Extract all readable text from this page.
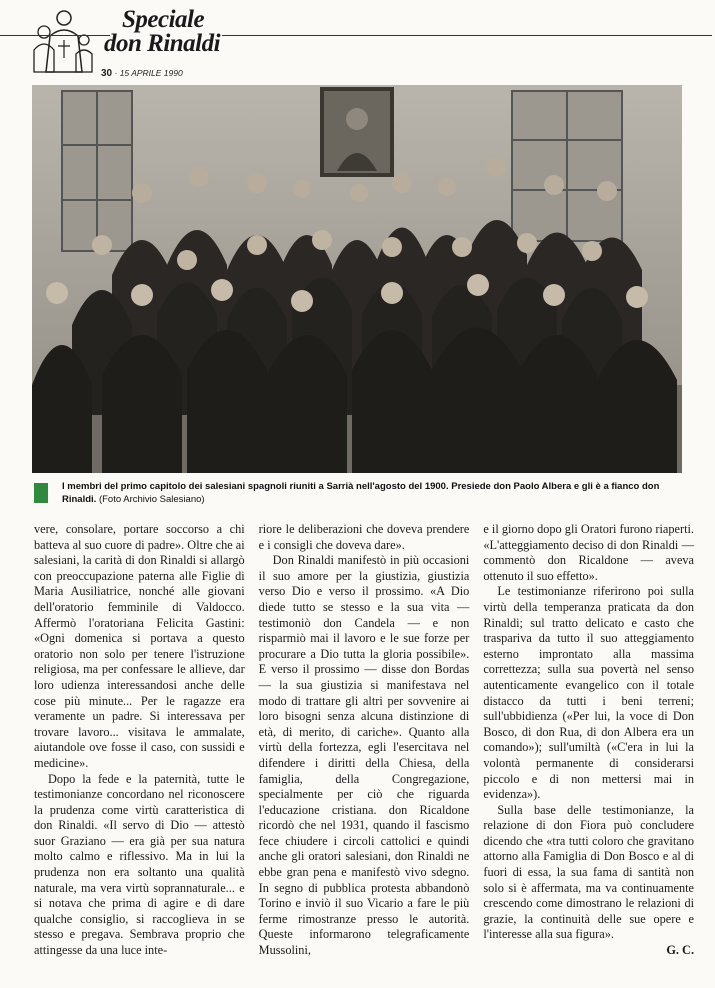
Speciale
don Rinaldi
30 · 15 APRILE 1990
I membri del primo capitolo dei salesiani spagnoli riuniti a Sarrià nell'agosto del 1900. Presiede don Paolo Albera e gli è a fianco don Rinaldi. (Foto Archivio Salesiano)

vere, consolare, portare soccorso a chi batteva al suo cuore di padre». Oltre che ai salesiani, la carità di don Rinaldi si allargò con preoccupazione paterna alle Figlie di Maria Ausiliatrice, nonché alle giovani dell'oratorio femminile di Valdocco. Affermò l'oratoriana Felicita Gastini: «Ogni domenica si portava a questo oratorio non solo per tenere l'istruzione religiosa, ma per confessare le allieve, dar loro udienza interessandosi anche delle cose più minute... Per le ragazze era veramente un padre. Si interessava per trovare lavoro... visitava le ammalate, aiutandole ove fosse il caso, con sussidi e medicine».

Dopo la fede e la paternità, tutte le testimonianze concordano nel riconoscere la prudenza come virtù caratteristica di don Rinaldi. «Il servo di Dio — attestò suor Graziano — era già per sua natura molto calmo e riflessivo. Ma in lui la prudenza non era soltanto una qualità naturale, ma vera virtù soprannaturale... e si notava che prima di agire e di dare qualche consiglio, si raccoglieva in se stesso e pregava. Sembrava proprio che attingesse da una luce inte-

riore le deliberazioni che doveva prendere e i consigli che doveva dare».

Don Rinaldi manifestò in più occasioni il suo amore per la giustizia, giustizia verso Dio e verso il prossimo. «A Dio diede tutto se stesso e la sua vita — testimoniò don Candela — e non risparmiò mai il lavoro e le sue forze per procurare a Dio tutta la gloria possibile». E verso il prossimo — disse don Bordas — la sua giustizia si manifestava nel modo di trattare gli altri per sovvenire ai loro bisogni senza alcuna distinzione di età, di merito, di cariche». Quanto alla virtù della fortezza, egli l'esercitava nel difendere i diritti della Chiesa, della famiglia, della Congregazione, specialmente per ciò che riguarda l'educazione cristiana. don Ricaldone ricordò che nel 1931, quando il fascismo fece chiudere i circoli cattolici e quindi anche gli oratori salesiani, don Rinaldi ne ebbe gran pena e manifestò vivo sdegno. In segno di pubblica protesta abbandonò Torino e inviò il suo Vicario a fare le più ferme rimostranze presso le autorità. Queste informarono telegraficamente Mussolini,

e il giorno dopo gli Oratori furono riaperti. «L'atteggiamento deciso di don Rinaldi — commentò don Ricaldone — aveva ottenuto il suo effetto».

Le testimonianze riferirono poi sulla virtù della temperanza praticata da don Rinaldi; sul tratto delicato e casto che traspariva da tutto il suo atteggiamento esterno improntato alla massima correttezza; sulla sua povertà nel senso autenticamente evangelico con il totale distacco da tutti i beni terreni; sull'ubbidienza («Per lui, la voce di Don Bosco, di don Rua, di don Albera era un comando»); sull'umiltà («C'era in lui la volontà permanente di considerarsi piccolo e di non mettersi mai in evidenza»).

Sulla base delle testimonianze, la relazione di don Fiora può concludere dicendo che «tra tutti coloro che gravitano attorno alla Famiglia di Don Bosco e al di fuori di essa, la sua fama di santità non solo si è affermata, ma va continuamente crescendo come dimostrano le relazioni di grazie, la continuità delle sue opere e l'interesse alla sua figura».

G. C.
